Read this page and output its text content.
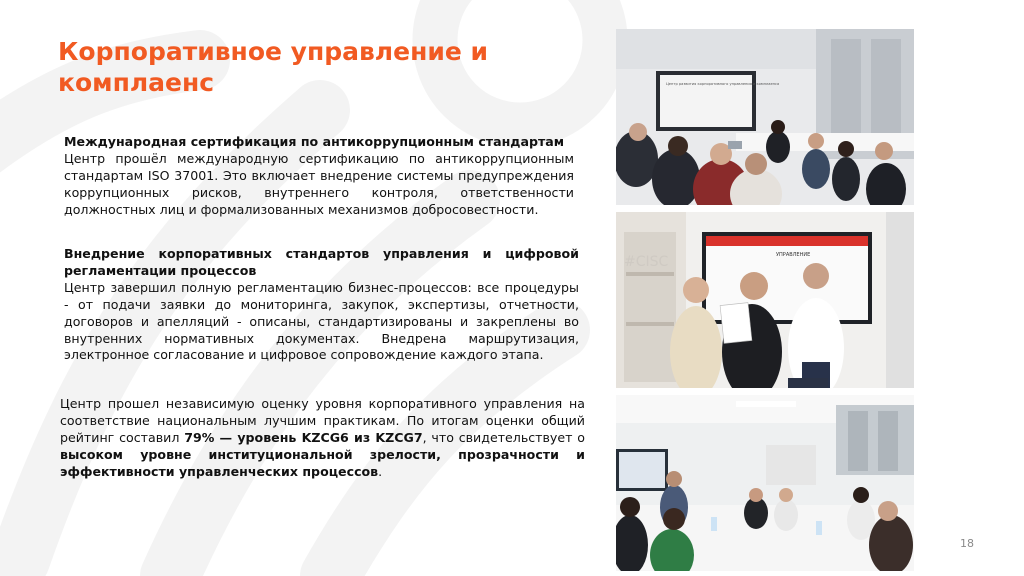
Корпоративное управление и комплаенс
Международная сертификация по антикоррупционным стандартам

Центр прошёл международную сертификацию по антикоррупционным стандартам ISO 37001. Это включает внедрение системы предупреждения коррупционных рисков, внутреннего контроля, ответственности должностных лиц и формализованных механизмов добросовестности.

Внедрение корпоративных стандартов управления и цифровой регламентации процессов

Центр завершил полную регламентацию бизнес-процессов: все процедуры - от подачи заявки до мониторинга, закупок, экспертизы, отчетности, договоров и апелляций - описаны, стандартизированы и закреплены во внутренних нормативных документах. Внедрена маршрутизация, электронное согласование и цифровое сопровождение каждого этапа.

Центр прошел независимую оценку уровня корпоративного управления на соответствие национальным лучшим практикам. По итогам оценки общий рейтинг составил 79% — уровень KZCG6 из KZCG7, что свидетельствует о высоком уровне институциональной зрелости, прозрачности и эффективности управленческих процессов.

Центр развития корпоративного управления и комплаенса
#CISC	УПРАВЛЕНИЕ
18
